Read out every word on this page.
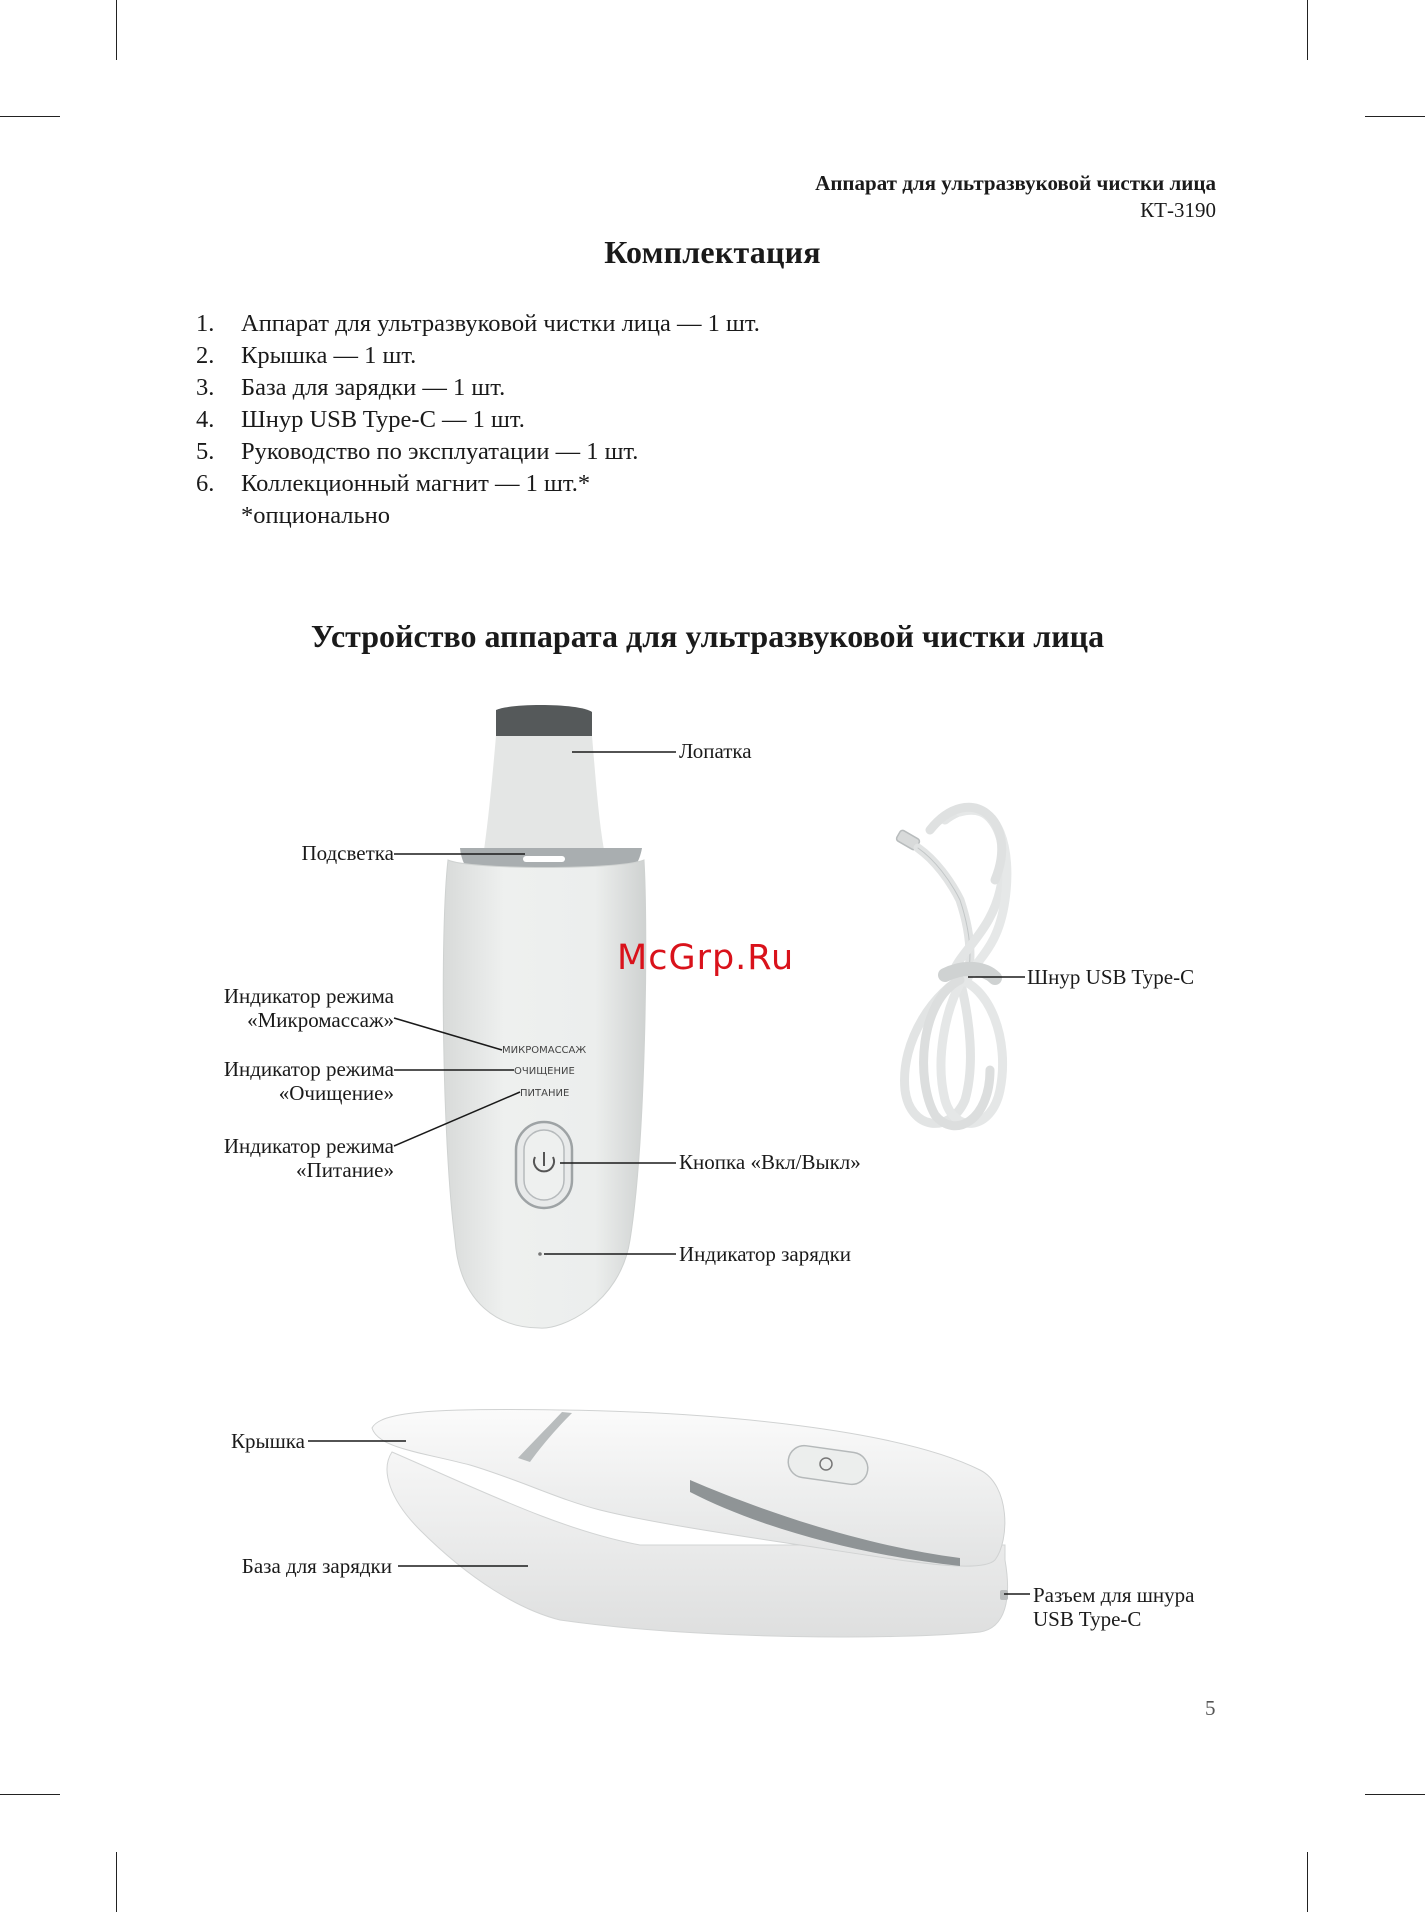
Аппарат для ультразвуковой чистки лица
КТ-3190
Комплектация
1.	Аппарат для ультразвуковой чистки лица — 1 шт.
2.	Крышка — 1 шт.
3.	База для зарядки — 1 шт.
4.	Шнур USB Type-C — 1 шт.
5.	Руководство по эксплуатации — 1 шт.
6.	Коллекционный магнит — 1 шт.*
*опционально
Устройство аппарата для ультразвуковой чистки лица
МИКРОМАССАЖ
ОЧИЩЕНИЕ
ПИТАНИЕ
Лопатка
Подсветка
Индикатор режима
«Микромассаж»
Индикатор режима
«Очищение»
Индикатор режима
«Питание»	Кнопка «Вкл/Выкл»
Индикатор зарядки
Шнур USB Type-C
Крышка
База для зарядки
Разъем для шнура
USB Type-C
McGrp.Ru
5
